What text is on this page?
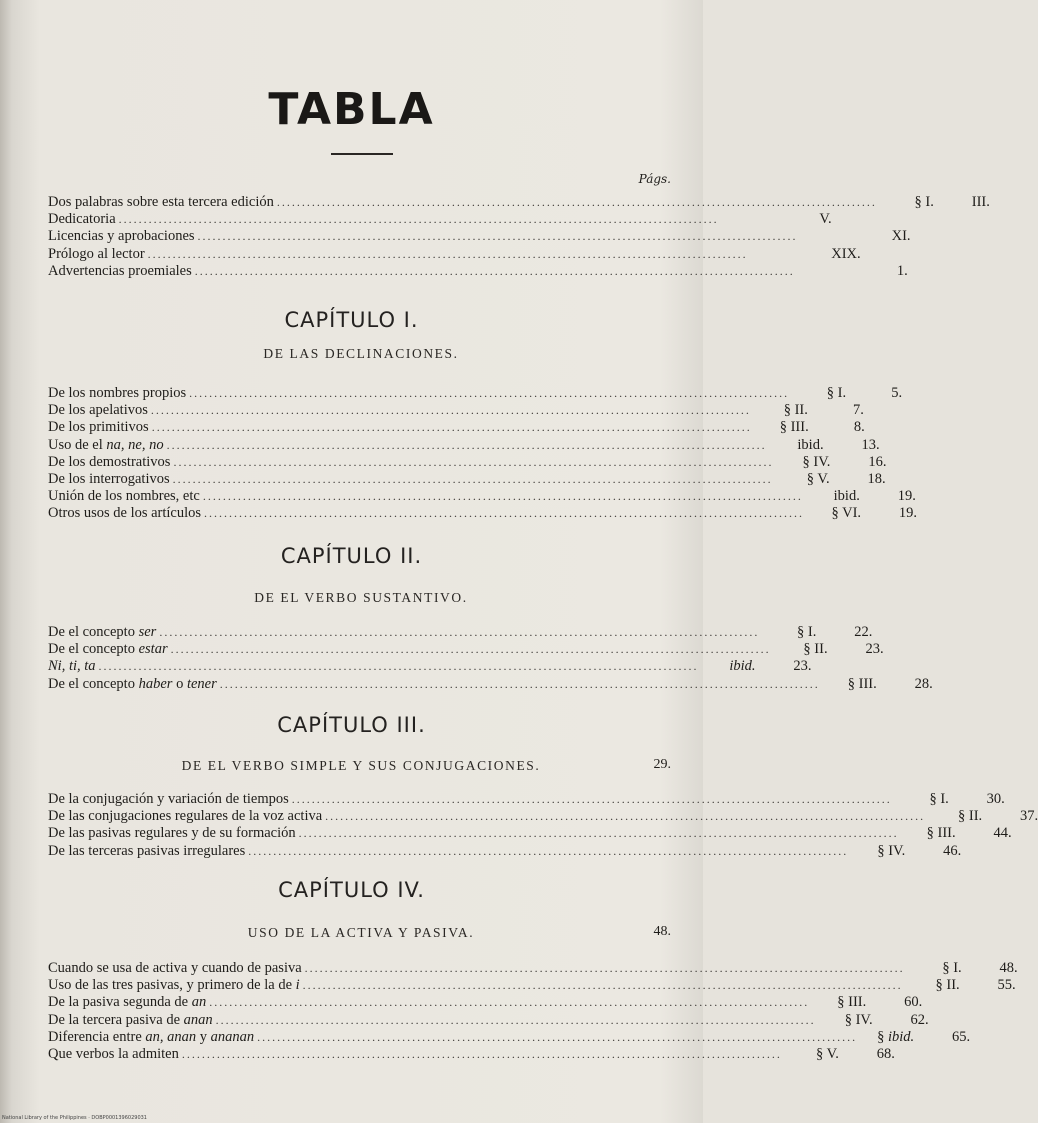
TABLA
Págs.
Dos palabras sobre esta tercera edición ........................................................................................................................	§ I.	III.
Dedicatoria ........................................................................................................................	V.
Licencias y aprobaciones ........................................................................................................................	XI.
Prólogo al lector ........................................................................................................................	XIX.
Advertencias proemiales ........................................................................................................................	1.
CAPÍTULO I.
DE LAS DECLINACIONES.
De los nombres propios ........................................................................................................................	§ I.	5.
De los apelativos ........................................................................................................................	§ II.	7.
De los primitivos ........................................................................................................................	§ III.	8.
Uso de el na, ne, no ........................................................................................................................	ibid.	13.
De los demostrativos ........................................................................................................................	§ IV.	16.
De los interrogativos ........................................................................................................................	§ V.	18.
Unión de los nombres, etc ........................................................................................................................	ibid.	19.
Otros usos de los artículos ........................................................................................................................	§ VI.	19.
CAPÍTULO II.
DE EL VERBO SUSTANTIVO.
De el concepto ser ........................................................................................................................	§ I.	22.
De el concepto estar ........................................................................................................................	§ II.	23.
Ni, ti, ta ........................................................................................................................	ibid.	23.
De el concepto haber o tener ........................................................................................................................	§ III.	28.
CAPÍTULO III.
DE EL VERBO SIMPLE Y SUS CONJUGACIONES.	29.
De la conjugación y variación de tiempos ........................................................................................................................	§ I.	30.
De las conjugaciones regulares de la voz activa ........................................................................................................................	§ II.	37.
De las pasivas regulares y de su formación ........................................................................................................................	§ III.	44.
De las terceras pasivas irregulares ........................................................................................................................	§ IV.	46.
CAPÍTULO IV.
USO DE LA ACTIVA Y PASIVA.	48.
Cuando se usa de activa y cuando de pasiva ........................................................................................................................	§ I.	48.
Uso de las tres pasivas, y primero de la de i ........................................................................................................................	§ II.	55.
De la pasiva segunda de an ........................................................................................................................	§ III.	60.
De la tercera pasiva de anan ........................................................................................................................	§ IV.	62.
Diferencia entre an, anan y ananan ........................................................................................................................	§ ibid.	65.
Que verbos la admiten ........................................................................................................................	§ V.	68.
National Library of the Philippines · DOBP0001396029031
